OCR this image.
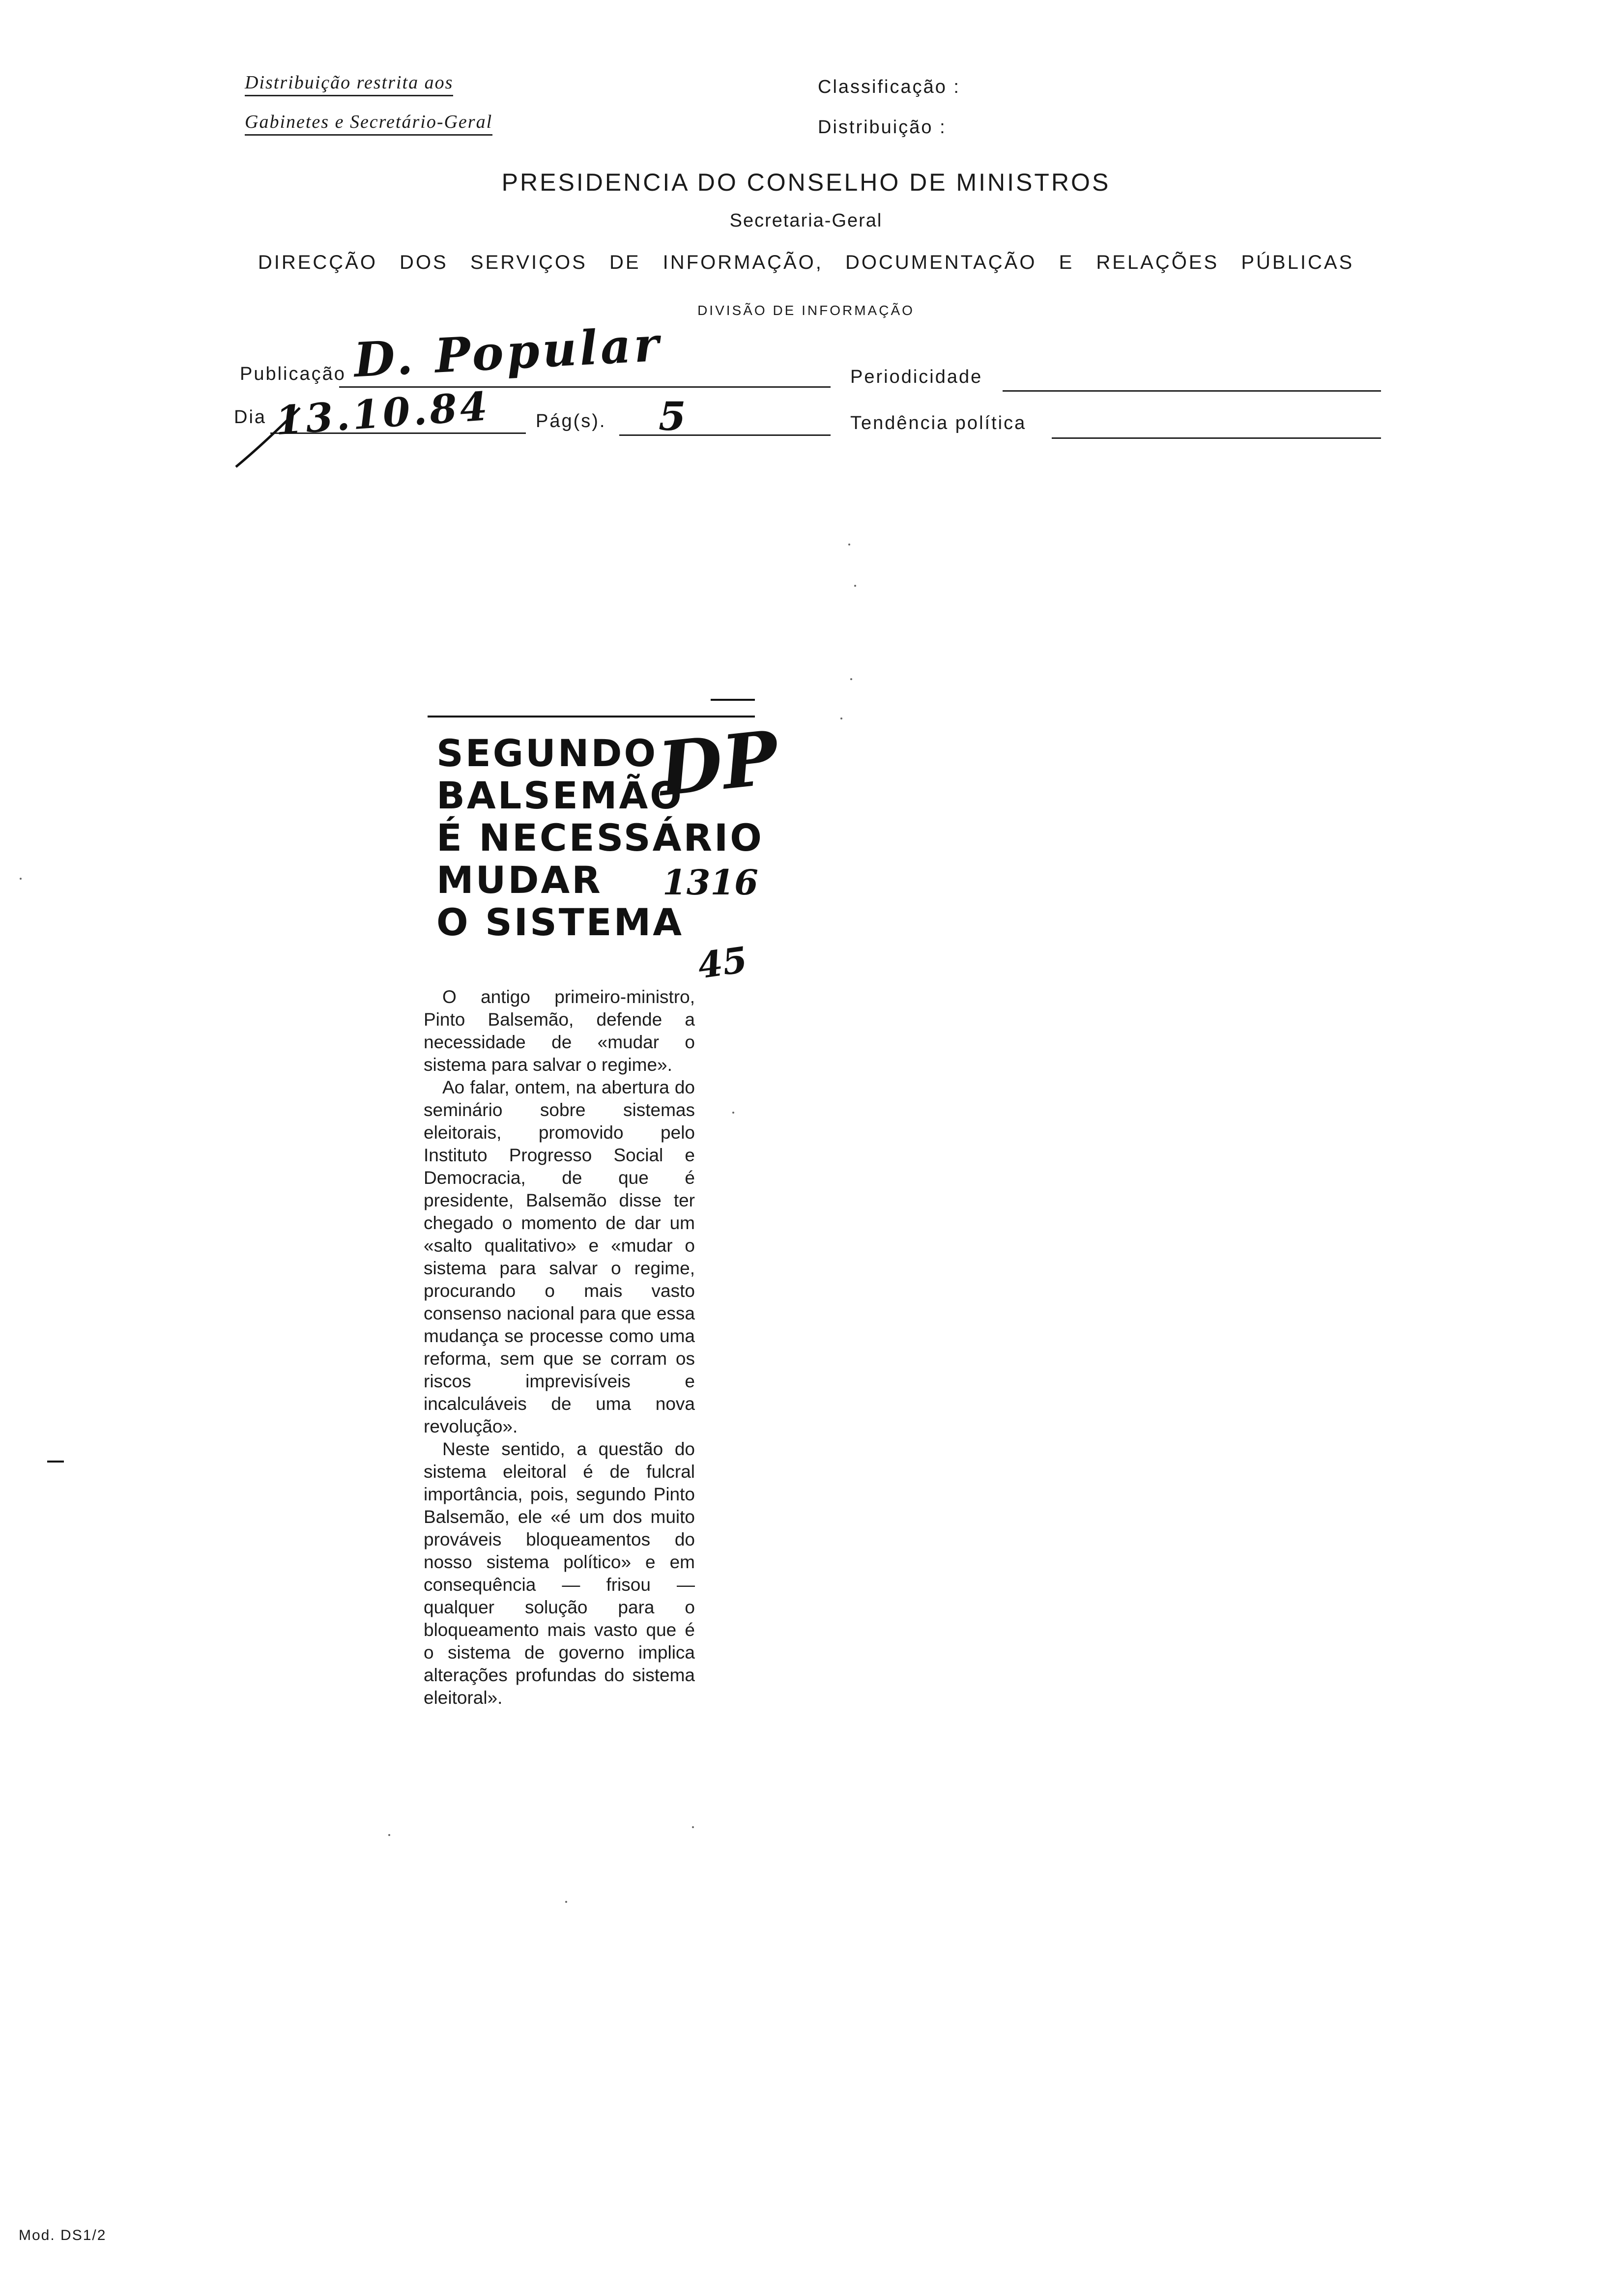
Distribuição restrita aos
Gabinetes e Secretário-Geral
Classificação :
Distribuição :
PRESIDENCIA DO CONSELHO DE MINISTROS
Secretaria-Geral
DIRECÇÃO DOS SERVIÇOS DE INFORMAÇÃO, DOCUMENTAÇÃO E RELAÇÕES PÚBLICAS
DIVISÃO DE INFORMAÇÃO
Publicação D. Popular	Periodicidade
Dia 13.10.84 Pág(s). 5	Tendência política
SEGUNDO
BALSEMÃO
É NECESSÁRIO
MUDAR
O SISTEMA
DP
1316
45

O antigo primeiro-ministro, Pinto Balsemão, defende a necessidade de «mudar o sistema para salvar o regime».

Ao falar, ontem, na abertura do seminário sobre sistemas eleitorais, promovido pelo Instituto Progresso Social e Democracia, de que é presidente, Balsemão disse ter chegado o momento de dar um «salto qualitativo» e «mudar o sistema para salvar o regime, procurando o mais vasto consenso nacional para que essa mudança se processe como uma reforma, sem que se corram os riscos imprevisíveis e incalculáveis de uma nova revolução».

Neste sentido, a questão do sistema eleitoral é de fulcral importância, pois, segundo Pinto Balsemão, ele «é um dos muito prováveis bloqueamentos do nosso sistema político» e em consequência — frisou — qualquer solução para o bloqueamento mais vasto que é o sistema de governo implica alterações profundas do sistema eleitoral».

Mod. DS1/2
